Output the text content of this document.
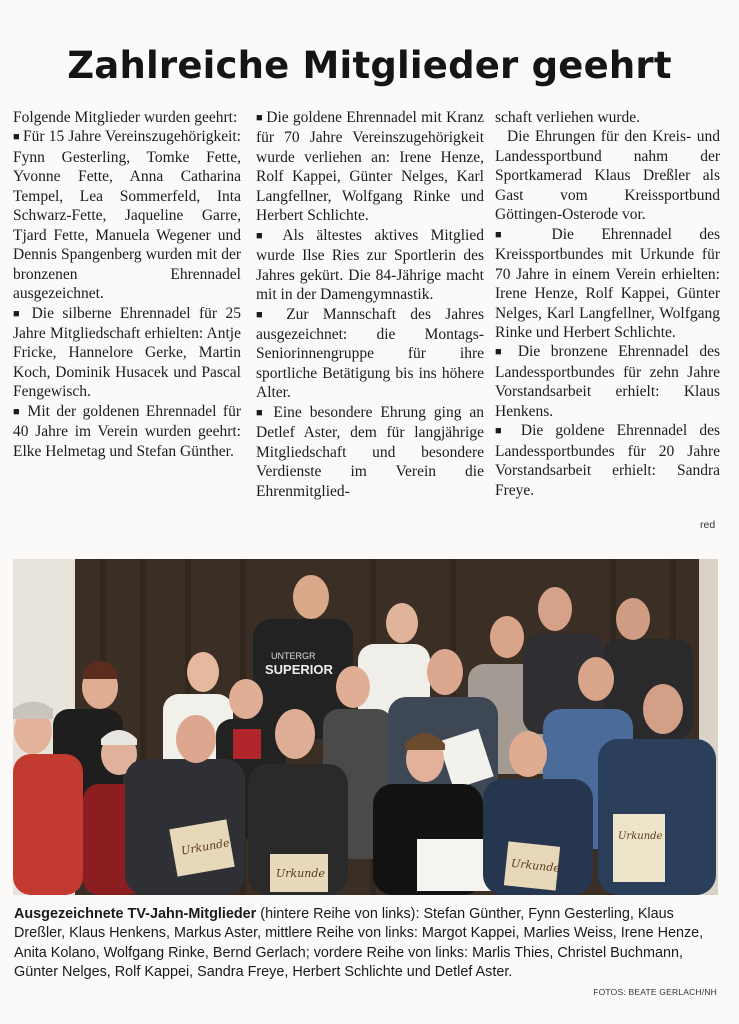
Zahlreiche Mitglieder geehrt

Folgende Mitglieder wurden geehrt:

■ Für 15 Jahre Vereinszugehörigkeit: Fynn Gesterling, Tomke Fette, Yvonne Fette, Anna Catharina Tempel, Lea Sommerfeld, Inta Schwarz-Fette, Jaqueline Garre, Tjard Fette, Manuela Wegener und Dennis Spangenberg wurden mit der bronzenen Ehrennadel ausgezeichnet.

■ Die silberne Ehrennadel für 25 Jahre Mitgliedschaft erhielten: Antje Fricke, Hannelore Gerke, Martin Koch, Dominik Husacek und Pascal Fengewisch.

■ Mit der goldenen Ehrennadel für 40 Jahre im Verein wurden geehrt: Elke Helmetag und Stefan Günther.

■ Die goldene Ehrennadel mit Kranz für 70 Jahre Vereinszugehörigkeit wurde verliehen an: Irene Henze, Rolf Kappei, Günter Nelges, Karl Langfellner, Wolfgang Rinke und Herbert Schlichte.

■ Als ältestes aktives Mitglied wurde Ilse Ries zur Sportlerin des Jahres gekürt. Die 84-Jährige macht mit in der Damengymnastik.

■ Zur Mannschaft des Jahres ausgezeichnet: die Montags-Seniorinnengruppe für ihre sportliche Betätigung bis ins höhere Alter.

■ Eine besondere Ehrung ging an Detlef Aster, dem für langjährige Mitgliedschaft und besondere Verdienste im Verein die Ehrenmitglied-

schaft verliehen wurde.

Die Ehrungen für den Kreis- und Landessportbund nahm der Sportkamerad Klaus Dreßler als Gast vom Kreissportbund Göttingen-Osterode vor.

■ Die Ehrennadel des Kreissportbundes mit Urkunde für 70 Jahre in einem Verein erhielten: Irene Henze, Rolf Kappei, Günter Nelges, Karl Langfellner, Wolfgang Rinke und Herbert Schlichte.

■ Die bronzene Ehrennadel des Landessportbundes für zehn Jahre Vorstandsarbeit erhielt: Klaus Henkens.

■ Die goldene Ehrennadel des Landessportbundes für 20 Jahre Vorstandsarbeit erhielt: Sandra Freye.

red
UNTERGR
SUPERIOR
Urkunde
Urkunde	Urkunde
Urkunde
Ausgezeichnete TV-Jahn-Mitglieder (hintere Reihe von links): Stefan Günther, Fynn Gesterling, Klaus Dreßler, Klaus Henkens, Markus Aster, mittlere Reihe von links: Margot Kappei, Marlies Weiss, Irene Henze, Anita Kolano, Wolfgang Rinke, Bernd Gerlach; vordere Reihe von links: Marlis Thies, Christel Buchmann, Günter Nelges, Rolf Kappei, Sandra Freye, Herbert Schlichte und Detlef Aster.
FOTOS: BEATE GERLACH/NH
